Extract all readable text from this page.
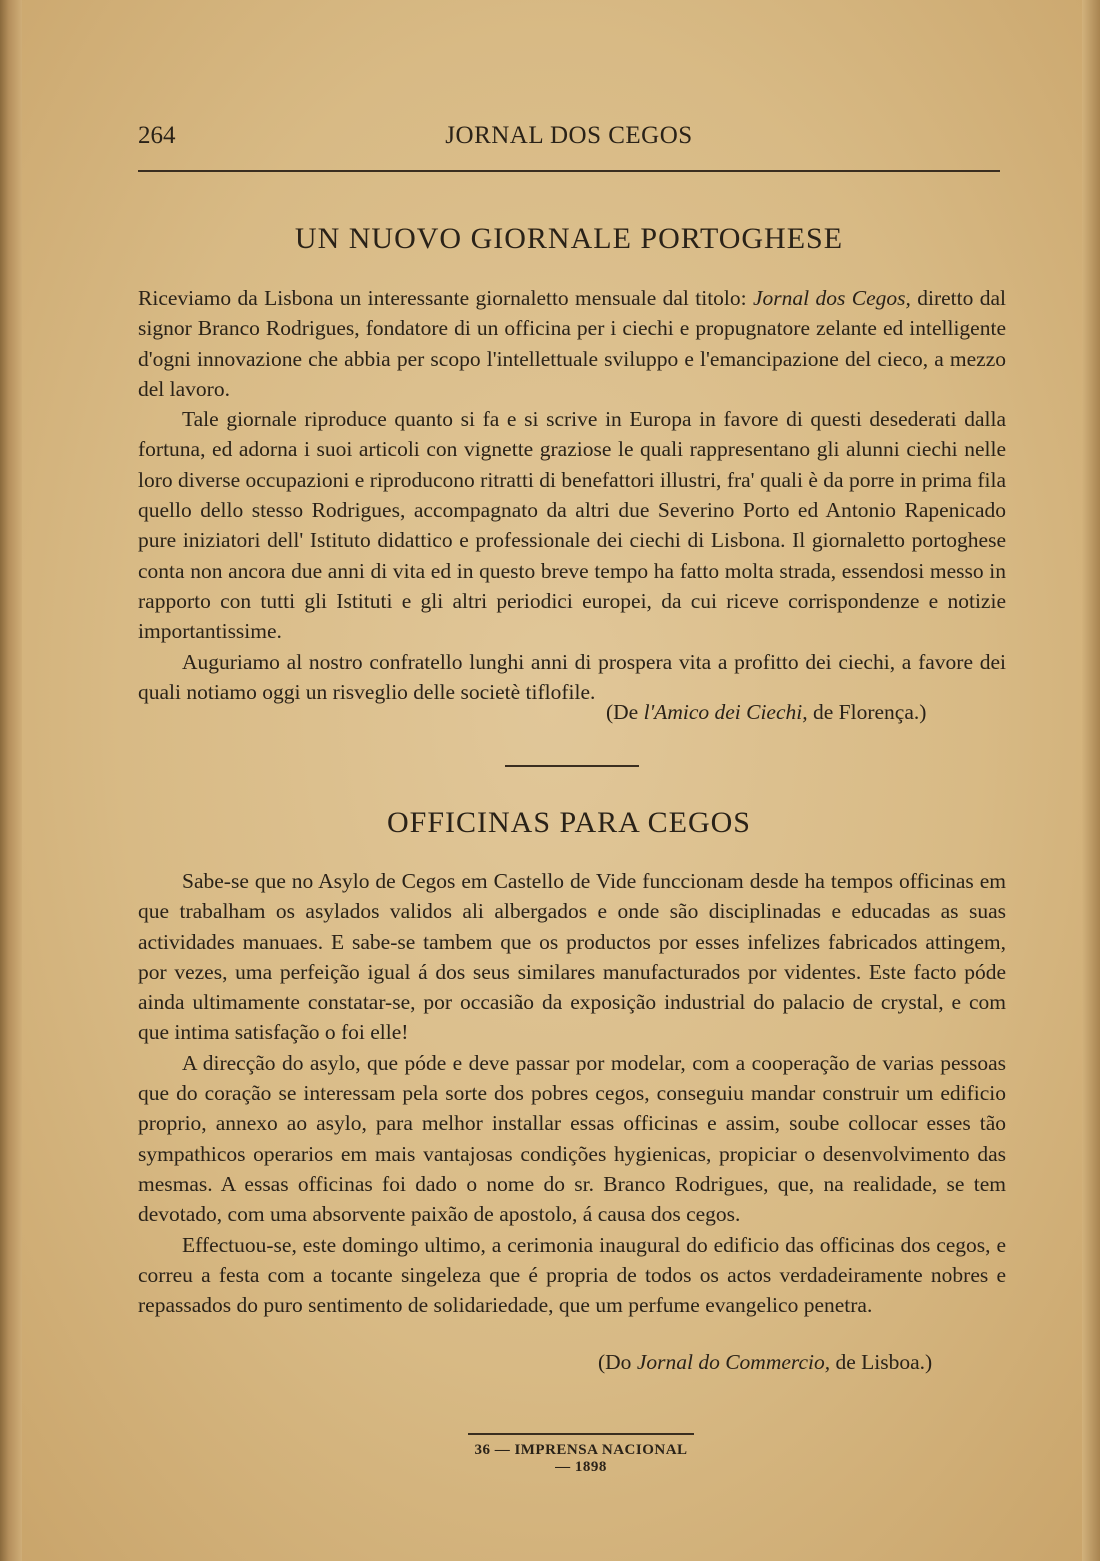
264	JORNAL DOS CEGOS
UN NUOVO GIORNALE PORTOGHESE

Riceviamo da Lisbona un interessante giornaletto mensuale dal titolo: Jornal dos Cegos, diretto dal signor Branco Rodrigues, fondatore di un officina per i ciechi e propugnatore zelante ed intelligente d'ogni innovazione che abbia per scopo l'intellettuale sviluppo e l'emancipazione del cieco, a mezzo del lavoro.

Tale giornale riproduce quanto si fa e si scrive in Europa in favore di questi desederati dalla fortuna, ed adorna i suoi articoli con vignette graziose le quali rappresentano gli alunni ciechi nelle loro diverse occupazioni e riproducono ritratti di benefattori illustri, fra' quali è da porre in prima fila quello dello stesso Rodrigues, accompagnato da altri due Severino Porto ed Antonio Rapenicado pure iniziatori dell' Istituto didattico e professionale dei ciechi di Lisbona. Il giornaletto portoghese conta non ancora due anni di vita ed in questo breve tempo ha fatto molta strada, essendosi messo in rapporto con tutti gli Istituti e gli altri periodici europei, da cui riceve corrispondenze e notizie importantissime.

Auguriamo al nostro confratello lunghi anni di prospera vita a profitto dei ciechi, a favore dei quali notiamo oggi un risveglio delle societè tiflofile.

(De l'Amico dei Ciechi, de Florença.)
OFFICINAS PARA CEGOS

Sabe-se que no Asylo de Cegos em Castello de Vide funccionam desde ha tempos officinas em que trabalham os asylados validos ali albergados e onde são disciplinadas e educadas as suas actividades manuaes. E sabe-se tambem que os productos por esses infelizes fabricados attingem, por vezes, uma perfeição igual á dos seus similares manufacturados por videntes. Este facto póde ainda ultimamente constatar-se, por occasião da exposição industrial do palacio de crystal, e com que intima satisfação o foi elle!

A direcção do asylo, que póde e deve passar por modelar, com a cooperação de varias pessoas que do coração se interessam pela sorte dos pobres cegos, conseguiu mandar construir um edificio proprio, annexo ao asylo, para melhor installar essas officinas e assim, soube collocar esses tão sympathicos operarios em mais vantajosas condições hygienicas, propiciar o desenvolvimento das mesmas. A essas officinas foi dado o nome do sr. Branco Rodrigues, que, na realidade, se tem devotado, com uma absorvente paixão de apostolo, á causa dos cegos.

Effectuou-se, este domingo ultimo, a cerimonia inaugural do edificio das officinas dos cegos, e correu a festa com a tocante singeleza que é propria de todos os actos verdadeiramente nobres e repassados do puro sentimento de solidariedade, que um perfume evangelico penetra.

(Do Jornal do Commercio, de Lisboa.)
36 — IMPRENSA NACIONAL — 1898
